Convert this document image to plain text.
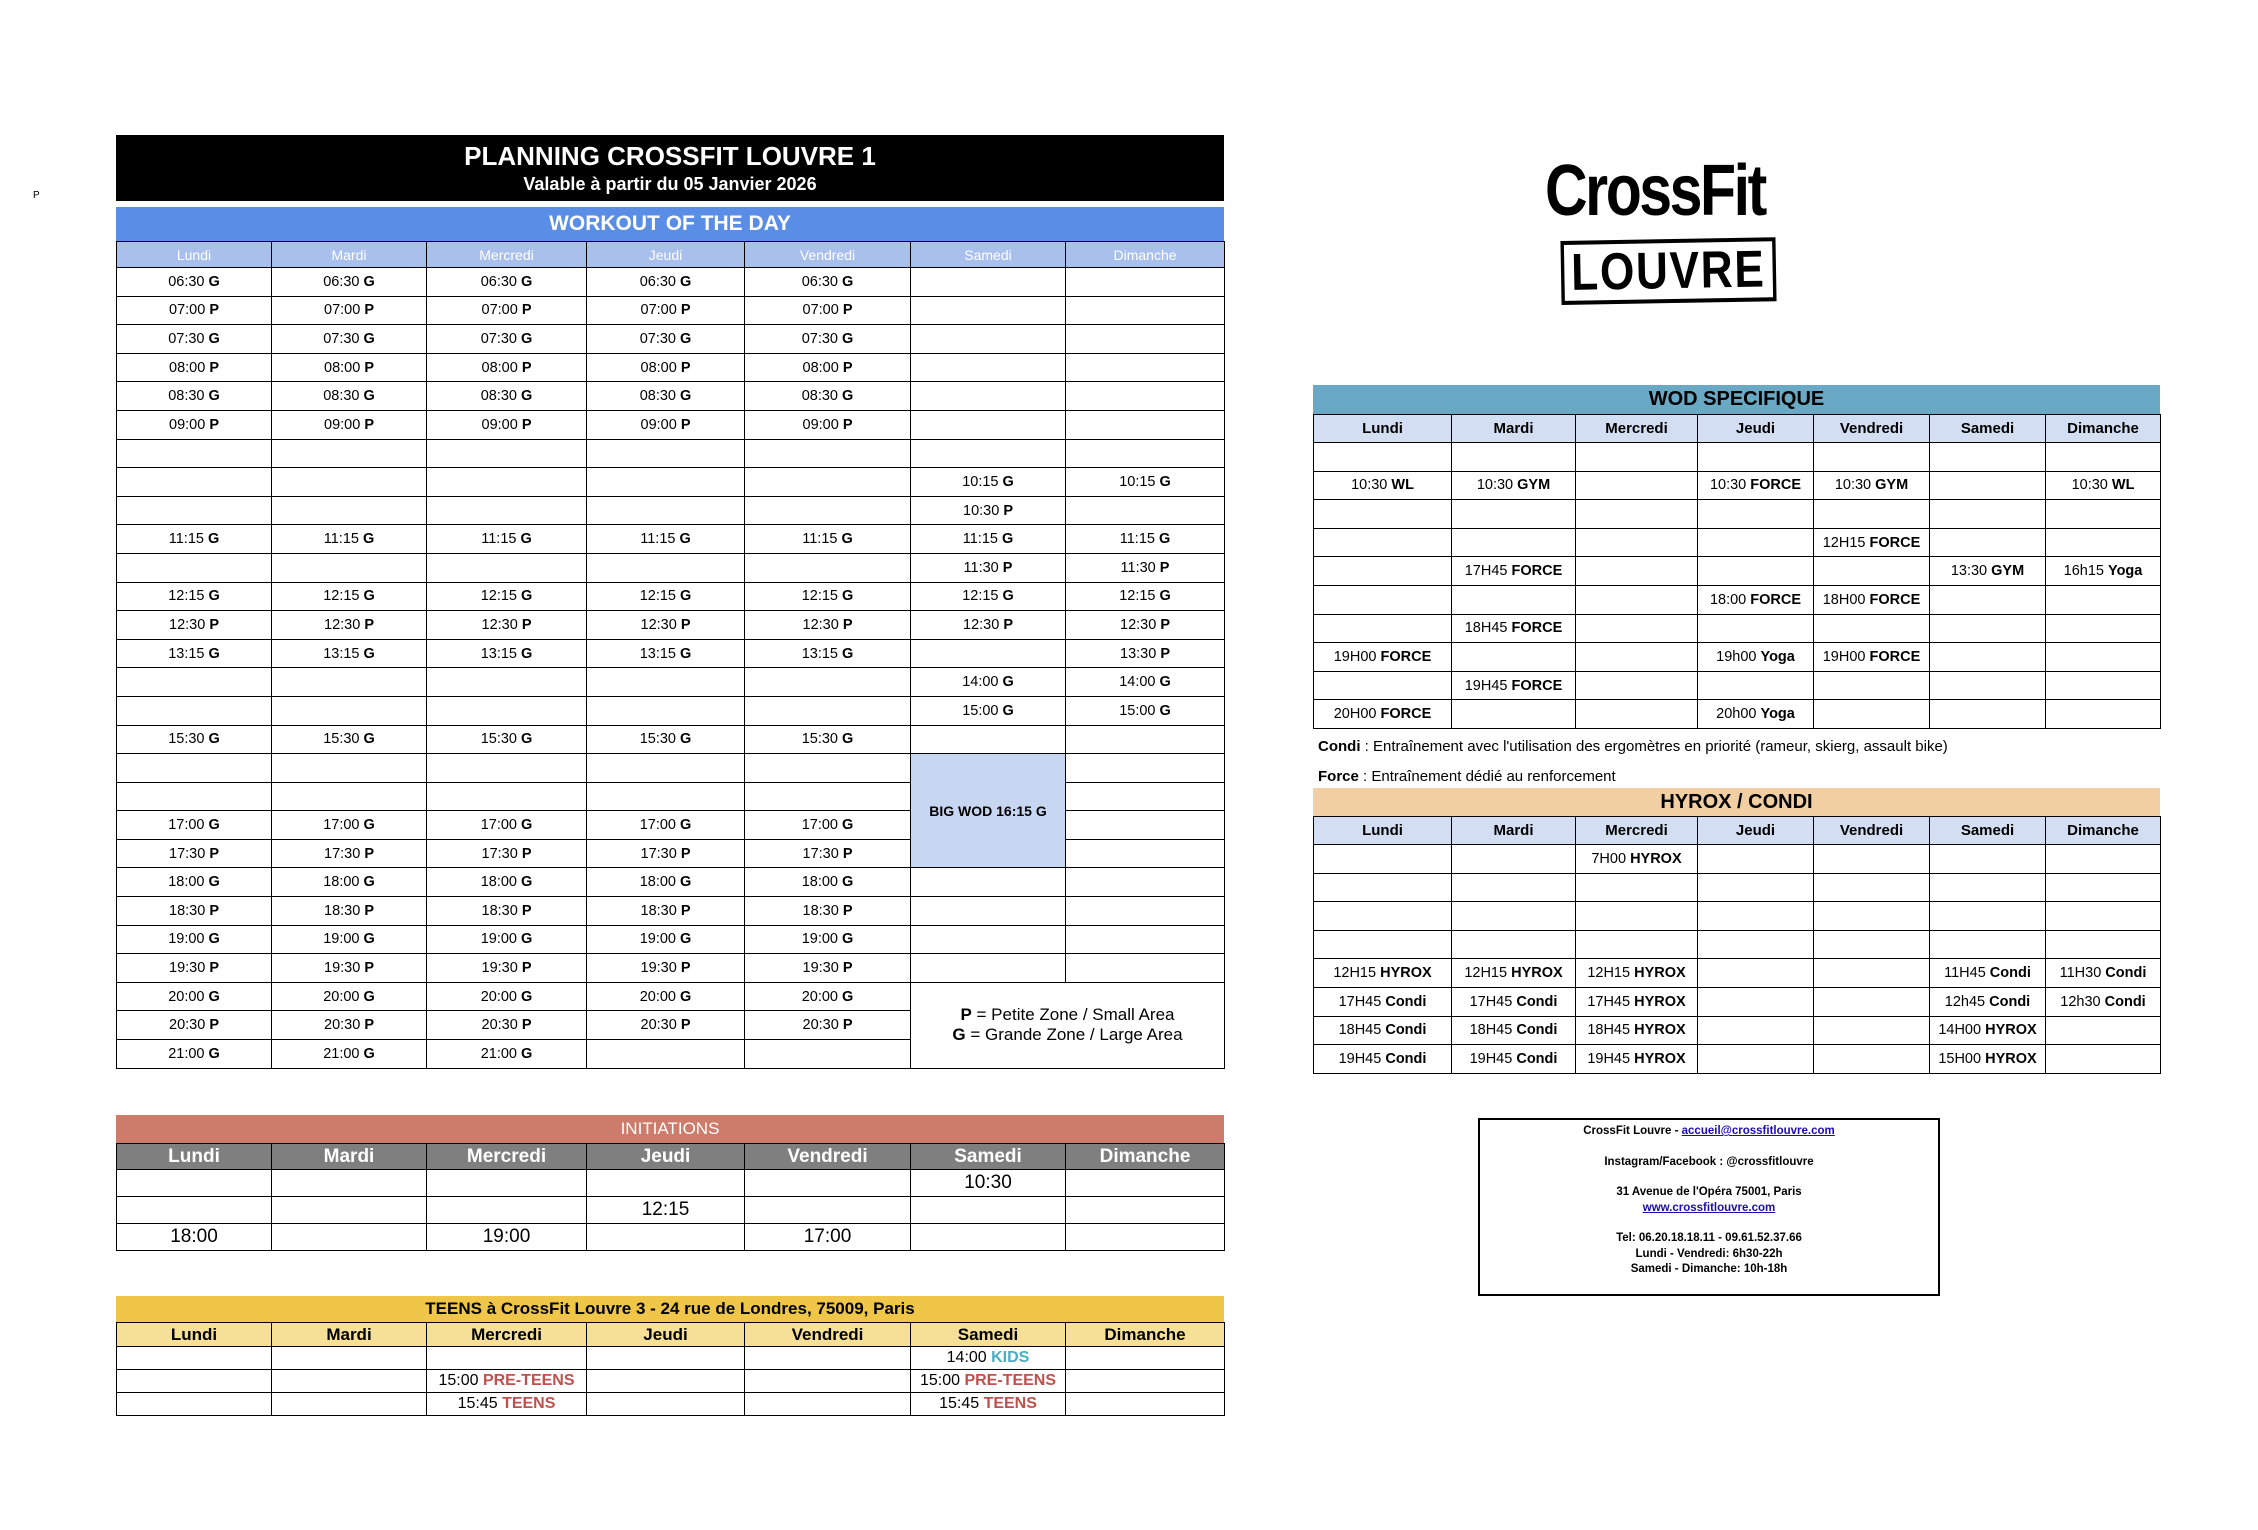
P
PLANNING CROSSFIT LOUVRE 1
Valable à partir du 05 Janvier 2026
WORKOUT OF THE DAY
Lundi	Mardi	Mercredi	Jeudi	Vendredi	Samedi	Dimanche
06:30 G	06:30 G	06:30 G	06:30 G	06:30 G		
07:00 P	07:00 P	07:00 P	07:00 P	07:00 P		
07:30 G	07:30 G	07:30 G	07:30 G	07:30 G		
08:00 P	08:00 P	08:00 P	08:00 P	08:00 P		
08:30 G	08:30 G	08:30 G	08:30 G	08:30 G		
09:00 P	09:00 P	09:00 P	09:00 P	09:00 P		

					10:15 G	10:15 G
					10:30 P	
11:15 G	11:15 G	11:15 G	11:15 G	11:15 G	11:15 G	11:15 G
					11:30 P	11:30 P
12:15 G	12:15 G	12:15 G	12:15 G	12:15 G	12:15 G	12:15 G
12:30 P	12:30 P	12:30 P	12:30 P	12:30 P	12:30 P	12:30 P
13:15 G	13:15 G	13:15 G	13:15 G	13:15 G		13:30 P
					14:00 G	14:00 G
					15:00 G	15:00 G
15:30 G	15:30 G	15:30 G	15:30 G	15:30 G		
					BIG WOD 16:15 G	

17:00 G	17:00 G	17:00 G	17:00 G	17:00 G		
17:30 P	17:30 P	17:30 P	17:30 P	17:30 P		
18:00 G	18:00 G	18:00 G	18:00 G	18:00 G		
18:30 P	18:30 P	18:30 P	18:30 P	18:30 P		
19:00 G	19:00 G	19:00 G	19:00 G	19:00 G		
19:30 P	19:30 P	19:30 P	19:30 P	19:30 P		
20:00 G	20:00 G	20:00 G	20:00 G	20:00 G	P = Petite Zone / Small Area
G = Grande Zone / Large Area	

20:30 P	20:30 P	20:30 P	20:30 P	20:30 P		
21:00 G	21:00 G	21:00 G				
CrossFit
LOUVRE
WOD SPECIFIQUE
Lundi	Mardi	Mercredi	Jeudi	Vendredi	Samedi	Dimanche

10:30 WL	10:30 GYM		10:30 FORCE	10:30 GYM		10:30 WL

				12H15 FORCE		
	17H45 FORCE				13:30 GYM	16h15 Yoga
			18:00 FORCE	18H00 FORCE		
	18H45 FORCE					
19H00 FORCE			19h00 Yoga	19H00 FORCE		
	19H45 FORCE					
20H00 FORCE			20h00 Yoga			
Condi : Entraînement avec l'utilisation des ergomètres en priorité (rameur, skierg, assault bike)
Force : Entraînement dédié au renforcement
HYROX / CONDI
Lundi	Mardi	Mercredi	Jeudi	Vendredi	Samedi	Dimanche
		7H00 HYROX				

12H15 HYROX	12H15 HYROX	12H15 HYROX			11H45 Condi	11H30 Condi
17H45 Condi	17H45 Condi	17H45 HYROX			12h45 Condi	12h30 Condi
18H45 Condi	18H45 Condi	18H45 HYROX			14H00 HYROX	
19H45 Condi	19H45 Condi	19H45 HYROX			15H00 HYROX	
INITIATIONS
Lundi	Mardi	Mercredi	Jeudi	Vendredi	Samedi	Dimanche
					10:30	
			12:15			
18:00		19:00		17:00		
TEENS à CrossFit Louvre 3 - 24 rue de Londres, 75009, Paris
Lundi	Mardi	Mercredi	Jeudi	Vendredi	Samedi	Dimanche
					14:00 KIDS	
		15:00 PRE-TEENS			15:00 PRE-TEENS	
		15:45 TEENS			15:45 TEENS	
CrossFit Louvre - accueil@crossfitlouvre.com
Instagram/Facebook : @crossfitlouvre
31 Avenue de l'Opéra 75001, Paris
www.crossfitlouvre.com
Tel: 06.20.18.18.11 - 09.61.52.37.66
Lundi - Vendredi: 6h30-22h
Samedi - Dimanche: 10h-18h
